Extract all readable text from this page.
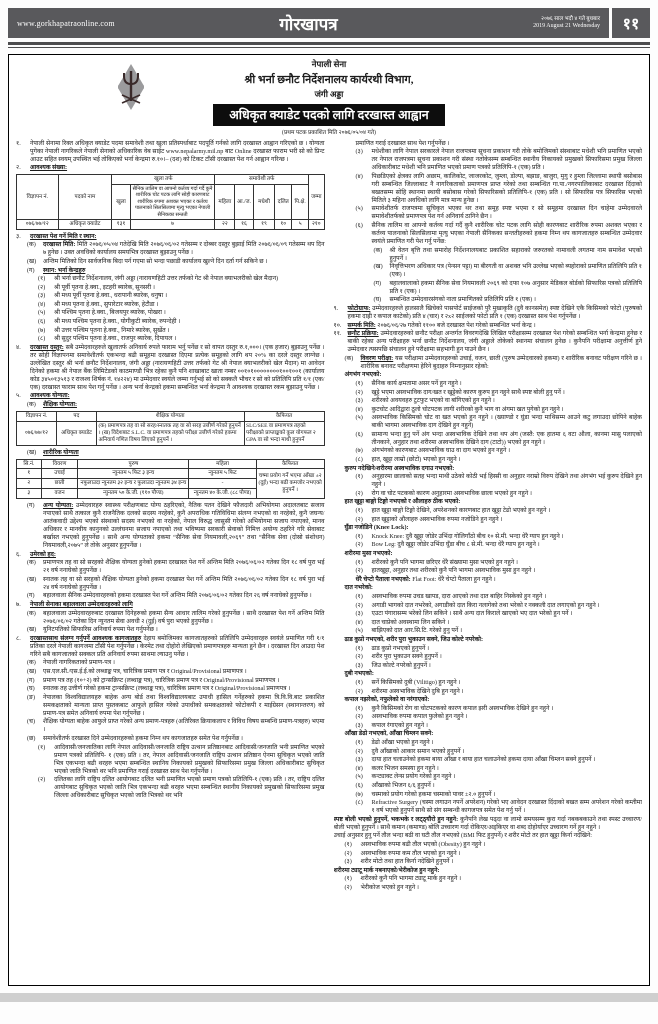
www.gorkhapatraonline.com	गोरखापत्र	२०७६ साल भदौ ४ गते बुधबार
2019 August 21 Wednesday	११
नेपाली सेना
श्री भर्ना छनौट निर्देशनालय कार्यरथी विभाग,
जंगी अड्डा
अधिकृत क्याडेट पदको लागि दरखास्त आह्वान
(प्रथम पटक प्रकाशित मिति २०७६/०५/०४ गते)
१.	नेपाली सेनामा रिक्त अधिकृत क्याडेट पदमा समावेशी तथा खुला प्रतिस्पर्धाबाट पदपूर्ति गर्नको लागि दरखास्त आह्वान गरिएको छ । योग्यता पुगेका नेपाली नागरिकले नेपाली सेनाको अधिकारिक वेब साईट www.nepalarmy.mil.np बाट Online दरखास्त फाराम भरी सो को प्रिन्ट आउट सहित स्वयम् उपस्थित भई तोकिएको भर्ना केन्द्रमा रु.१०।– (दश) को टिकट टाँसी दरखास्त पेश गर्न आह्वान गरिन्छ ।
२.	आवश्यक संख्या:
विज्ञापन नं.	पदको नाम	खुला तर्फ		समावेशी तर्फ					जम्मा
		खुला	सैनिक तालिम वा आफ्नो कर्तव्य गर्दा गर्दै कुनै शारीरिक चोट पटक लागि सोही कारणबाट शारीरिक रुपमा अशक्त भएका र कर्तव्य पालनाको सिलसिलामा मृत्यु भएका नेपाली सैनिकका सन्तती	महिला	आ./ज.	मधेशी	दलित	पि.क्षे.	
०७६/७७/१२	अधिकृत क्याडेट	१३१	७	२२	१६	१९	१०	५	२१०
३.	दरखास्त पेश गर्ने मिति र स्थान:
(क)	दरखास्त मिति: मिति २०७६/०५/०४ गतेदेखि मिति २०७६/०६/०२ गतेसम्म र दोब्बर दस्तुर बुझाई मिति २०७६/०६/०९ गतेसम्म थप दिन ७ हुनेछ । उक्त अवधिको कार्यालय समयभित्र दरखास्त बुझाउनु पर्नेछ ।
(ख)	अन्तिम मितिको दिन सार्वजनिक बिदा पर्न गएमा सो भन्दा पछाडी कार्यालय खुल्ने दिन दर्ता गर्न सकिने छ ।
(ग)	स्थान: भर्ना केन्द्रहरु
(१)	श्री भर्ना छनौट निर्देशनालय, जंगी अड्डा (नारायणहिटी उत्तर तर्फको गेट श्री नेपाल क्याभलरीको खेल मैदान)
(२)	श्री पूर्वी पृतना हे.क्वा., इटहरी ब्यारेक, सुनसरी ।
(३)	श्री मध्य पूर्वी पृतना हे.क्वा., धरापानी ब्यारेक, धनुषा ।
(४)	श्री मध्य पृतना हे.क्वा., सुपारेटार ब्यारेक, हेटौडा ।
(५)	श्री पश्चिम पृतना हे.क्वा., बिजयपुर ब्यारेक, पोखरा ।
(६)	श्री मध्य पश्चिम पृतना हे.क्वा., योगीकुटी ब्यारेक, रुपन्देही ।
(७)	श्री उत्तर पश्चिम पृतना हे.क्वा., निमारे ब्यारेक, सुर्खेत ।
(८)	श्री सुदुर पश्चिम पृतना हे.क्वा., राजपुर ब्यारेक, दिपायल ।
४.	दरखास्त दस्तुर: सबै उम्मेदवारहरुले खुलातर्फ अनिवार्य रुपले फाराम भर्नु पर्नेछ र सो वापत दस्तुर रु.१,०००। (एक हजार) बुझाउनु पर्नेछ । तर सोही विज्ञापनमा समावेशीतर्फ एकभन्दा बढी समूहमा दरखास्त दिएमा प्रत्येक समूहको लागि थप २०% का दरले दस्तुर लाग्नेछ । उल्लेखित दस्तुर श्री भर्ना छनौट निर्देशनालय, जंगी अड्डा (नारायणहिटी उत्तर तर्फको गेट श्री नेपाल क्याभलरीको खेल मैदान) मा आवेदन दिनेको हकमा श्री नेपाल बैंक लिमिटेडको काठमाण्डौ भित्र रहेका कुनै पनि शाखाबाट खाता नम्बर ००१०१००००००००१००१००१ (कार्यालय कोड ३४५०१३५१३ र राजश्व शिर्षक नं. १४२२४) मा उम्मेदवार स्वयंले जम्मा गर्नुभई सो को सक्कलै भौचर र सो को प्रतिलिपि प्रति १/१ (एक/एक) दरखास्त फाराम साथ पेश गर्नु पर्नेछ । अन्य भर्ना केन्द्रको हकमा सम्बन्धित भर्ना केन्द्रमा नै आवश्यक दरखास्त रकम बुझाउनु पर्नेछ ।
५.	आवश्यक योग्यता:
(क)	शैक्षिक योग्यता:
विज्ञापन नं.	पद	शैक्षिक योग्यता	कैफियत
०७६/७७/१२	अधिकृत क्याडेट	(क) प्रमाणपत्र तह वा सो सरह/स्नातक तह वा सो सरह उत्तीर्ण गरेको हुनुपर्ने । (ख) विदेशबाट S.L.C. वा प्रमाणपत्र तहको परीक्षा उत्तीर्ण गरेको हकमा अनिवार्य गणित विषय लिएको हुनुपर्ने ।	SLC/SEE वा प्रमाणपत्र तहको परीक्षाको प्राप्ताङ्कको कुल योगफल २ GPA वा सो भन्दा माथी हुनुपर्ने
(ख)	शारीरिक योग्यता
सि.नं.	विवरण	पुरुष	महिला	कैफियत
१	उचाई	न्युनतम ५ फिट ३ इन्च	न्युनतम ५ फिट	चष्मा प्रयोग गर्ने भएमा आँखा ±२ (दुई) भन्दा बढी कमजोर नभएको हुनुपर्ने ।
२	छाती	नफुलाउदा न्युनतम ३२ इन्च र फुलाउदा न्युनतम ३४ इन्च	-	
३	वजन	न्युनतम ५० के.जी. (११० पौण्ड)	न्युनतम ४० के.जी. (८८ पौण्ड)	
(ग)	अन्य योग्यता: उम्मेदवारहरु स्वास्थ्य परीक्षणबाट योग्य ठहरिएको, नैतिक पतन देखिने फौजदारी अभियोगमा अदालतबाट सजाय नपाएको साथै तत्काल कुनै राजनैतिक दलको सदस्य नरहेको, कुनै अपराधिक गतिविधिमा संलग्न नभएको वा नरहेको, कुनै जघन्य/आतंकवादी उद्देश्य भएको संस्थाको सदस्य नभएको वा नरहेको, नेपाल विरुद्ध जासुसी गरेको अभियोगमा सजाय नपाएको, मानव अधिकार र मानवीय कानुनको उल्लंघनमा सजाय नपाएको तथा भविष्यमा सरकारी सेवाको निमित्त अयोग्य ठहरिने गरि सेवाबाट बर्खास्त नभएको हुनुपर्नेछ । साथै अन्य योग्यताको हकमा “सैनिक सेवा नियमावली,२०६९” तथा “सैनिक सेवा (दोस्रो संशोधन) नियमावली,२०७५” ले तोके अनुसार हुनुपर्नेछ ।
६.	उमेरको हद:
(क)	प्रमाणपत्र तह वा सो सरहको शैक्षिक योग्यता हुनेको हकमा दरखास्त पेश गर्ने अन्तिम मिति २०७६/०६/०२ गतेका दिन १८ वर्ष पुरा भई २१ वर्ष ननाघेको हुनुपर्नेछ ।
(ख)	स्नातक तह वा सो सरहको शैक्षिक योग्यता हुनेको हकमा दरखास्त पेश गर्ने अन्तिम मिति २०७६/०६/०२ गतेका दिन १८ वर्ष पुरा भई २४ वर्ष ननाघेको हुनुपर्नेछ ।
(ग)	बहालवाला सैनिक उम्मेदवारहरुको हकमा दरखास्त पेश गर्ने अन्तिम मिति २०७६/०६/०२ गतेका दिन २६ वर्ष ननाघेको हुनुपर्नेछ ।
७.	नेपाली सेनाका बहालवाला उम्मेदवारहरुको लागि
(क)	बहालवाला उम्मेदवारहरुबाट दरखास्त दिनेहरुको हकमा सैन्य आधार तालिम गरेको हुनुपर्नेछ । साथै दरखास्त पेश गर्ने अन्तिम मिति २०७६/०६/०२ गतेका दिन न्युनतम सेवा अवधी २ (दुई) वर्ष पुरा भएको हुनुपर्नेछ ।
(ख)	युनिटपतिको सिफारिस अनिवार्य रुपमा पेश गर्नुपर्नेछ ।
८.	दरखास्तसाथ संलग्न गर्नुपर्ने आवश्यक कागजातहरु देहाय बमोजिमका कागजातहरुको प्रतिलिपि उम्मेदवारहरु स्वयंले प्रमाणित गरी १/१ प्रतिका दरले नेपाली कागजमा टाँसी पेश गर्नुपर्नेछ । केरमेट तथा दोहोरो लेखिएको प्रमाणपत्रहरु मान्यता हुने छैन । दरखास्त दिन आउदा पेश गरिने सबै कागजातको सक्कल प्रति अनिवार्य रुपमा साथमा ल्याउनु पर्नेछ ।
(क)	नेपाली नागरिकताको प्रमाण-पत्र ।
(ख)	एस.एल.सी./एस.ई.ई.को लब्धाङ्क पत्र, चारित्रिक प्रमाण पत्र र Original/Provisional प्रमाणपत्र ।
(ग)	प्रमाण पत्र तह (१०+२) को ट्रान्सक्रिप्ट (लब्धाङ्क पत्र), चारित्रिक प्रमाण पत्र र Original/Provisional प्रमाणपत्र ।
(घ)	स्नातक तह उत्तीर्ण गरेको हकमा ट्रान्सक्रिप्ट (लब्धाङ्क पत्र), चारित्रिक प्रमाण पत्र र Original/Provisional प्रमाणपत्र ।
(ङ)	नेपालका विश्वविद्यालयहरु बाहेक अन्य बोर्ड तथा विश्वविद्यालयबाट उपाधी हासिल गर्नेहरुको हकमा त्रि.वि.वि.बाट प्रकाशित समकक्षताको मान्यता प्राप्त पुस्तकबाट आफुले हासिल गरेको उपाधीको समकक्षताको फोटोकपी र माईग्रेसन (स्थानान्तरण) को प्रमाण-पत्र समेत अनिवार्य रुपमा पेश गर्नुपर्नेछ ।
(च)	शैक्षिक योग्यता बाहेक आफुले प्राप्त गरेको अन्य प्रमाण-पत्रहरु (अतिरिक्त क्रियाकलाप र विविध विषय सम्बन्धि प्रमाण-पत्रहरु) भएमा ।
(छ)	समावेशीतर्फ दरखास्त दिने उम्मेदवारहरुको हकमा निम्न थप कागजातहरु समेत पेश गर्नुपर्नेछ ।
(१)	आदिवासी/जनजातिका लागि नेपाल आदिवासी/जनजाति राष्ट्रिय उत्थान प्रतिष्ठानबाट आदिवासी/जनजाति भनी प्रमाणित भएको प्रमाण पत्रको प्रतिलिपि- १ (एक) प्रति । तर, नेपाल आदिवासी/जनजाति राष्ट्रिय उत्थान प्रतिष्ठान ऐनमा सुचिकृत भएको जाति भित्र एकभन्दा बढी थरहरु भएमा सम्बन्धित स्थानिय निकायको प्रमुखको सिफारिसमा प्रमुख जिल्ला अधिकारीबाट सुचिकृत भएको जाति भित्रको थर भनि प्रमाणित गराई दरखास्त साथ पेश गर्नुपर्नेछ ।
(२)	दलितका लागि राष्ट्रिय दलित आयोगबाट दलित भनी प्रमाणित भएको प्रमाण पत्रको प्रतिलिपि-१ (एक) प्रति । तर, राष्ट्रिय दलित आयोगबाट सुचिकृत भएको जाति भित्र एकभन्दा बढी थरहरु भएमा सम्बन्धित स्थानीय निकायको प्रमुखको सिफारिसमा प्रमुख जिल्ला अधिकारीबाट सुचिकृत भएको जाति भित्रको थर भनि
प्रमाणित गराई दरखास्त साथ पेश गर्नुपर्नेछ ।
(३)	मधेशीका लागि नेपाल सरकारले नेपाल राजपत्रमा सूचना प्रकाशन गरी तोके बमोजिमको संस्थाबाट मधेशी भनि प्रमाणित भएको तर नेपाल राजपत्रमा सूचना प्रकाशन गरी संस्था नतोकेसम्म सम्बन्धित स्थानीय निकायको प्रमुखको सिफारिसमा प्रमुख जिल्ला अधिकारीबाट मधेशी भनि प्रमाणित भएको प्रमाण पत्रको प्रतिलिपि-१ (एक) प्रति ।
(४)	पिछडिएको क्षेत्रका लागि अछाम, कालिकोट, जाजरकोट, जुम्ला, डोल्पा, बझाङ, बाजुरा, मुगु र हुम्ला जिल्लामा स्थायी बसोबास गरी सम्बन्धित जिल्लाबाट नै नागरिकताको प्रमाणपत्र प्राप्त गरेको तथा सम्बन्धित गा.पा./नगरपालिकाबाट दरखास्त दिंदाको बखतसम्म सोहि स्थानमा स्थायी बसोबास गरेको सिफारिसको प्रतिलिपि-१ (एक) प्रति । सो सिफारिस पत्र सिफारिस भएको मितिले ३ महिना अवधिको लागि मात्र मान्य हुनेछ ।
(५)	समावेशीतर्फ राजपत्रमा सूचिकृत भएका थर तथा समूह स्पष्ट भएमा र सो समूहमा दरखास्त दिन चाहेमा उम्मेदवारले समावेशीतर्फको प्रमाणपत्र पेश गर्न अनिवार्य ठानिने छैन ।
(६)	सैनिक तालिम वा आफ्नो कर्तव्य गर्दा गर्दै कुनै शारीरिक चोट पटक लागि सोही कारणबाट शारीरिक रुपमा अशक्त भएका र कर्तव्य पालनाको सिलसिलामा मृत्यु भएका नेपाली सैनिकका सन्ततीहरुको हकमा निम्न थप कागजातहरु सम्बन्धित उम्मेदवार स्वयंले प्रमाणित गरी पेश गर्नु पर्नेछ:
(क)	श्री वेतन बृत्ति तथा समारोह निर्देशनालयबाट प्रकाशित सहाराको जरुरतको नामावली लगतमा नाम समावेश भएको हुनुपर्ने ।
(ख)	निवृत्तिभरण अधिकार पत्र (पेन्सन पट्टा) मा बीरगती वा अशक्त भनि उल्लेख भएको ब्यहोराको प्रमाणित प्रतिलिपि प्रति १ (एक) ।
(ग)	बहालवालाको हकमा सैनिक सेवा नियमावली २०६९ को दफा १०७ अनुसार मेडिकल बोर्डको सिफारिस पत्रको प्रतिलिपि प्रति १ (एक) ।
(घ)	सम्बन्धित उम्मेदवारसंगको नाता प्रमाणितको प्रतिलिपि प्रति १ (एक) ।
९.	फोटोग्राफ: उम्मेदवारहरुले हालसालै खिचेको पासपोर्ट साईजको पुरै मुखाकृति (दुवै कानसमेत) स्पष्ट देखिने एकै किसिमको फोटो (पुरुषको हकमा दाह्री र कपाल काटेको) प्रति ४ (चार) र २x२ साईजको फोटो प्रति १ (एक) दरखास्त साथ पेश गर्नुपर्नेछ ।
१०. सम्पर्क मिति: २०७६/०६/२७ गतेको ११०० बजे दरखास्त पेश गरेको सम्बन्धित भर्ना केन्द्र ।
११. छनौट प्रक्रिया: उम्मेदवारहरुको छनौट परीक्षा अन्तर्गत विवरणदेखि लिखित परीक्षासम्म दरखास्त पेश गरेको सम्बन्धित भर्ना केन्द्रमा हुनेछ र बाकी रहेका अन्य परीक्षाहरु भर्ना छनौट निर्देशनालय, जंगी अड्डाले तोकेको स्थानमा संचालन हुनेछ । कुनैपनि परीक्षामा अनुत्तीर्ण हुने उम्मेदवार त्यसपछि संचालन हुने परीक्षामा सहभागी हुन पाउने छैन ।
(क)	विवरण परीक्षा: यस परीक्षामा उम्मेदवारहरुको उचाई, वजन, छाती (पुरुष उम्मेदवारको हकमा) र शारीरिक बनावट परीक्षण गरिने छ । शारीरिक बनावट परीक्षणमा हेरिने बुदाहरु निम्नानुसार रहेको:
अंगभंग नभएको:
(१)	सैनिक कार्य क्षमतामा असर पर्ने हुन नहुने ।
(२)	खुट्टे भएमा अस्वभाविक दाग/खत र खुट्टेको कारण कुरुप हुन नहुने साथै स्पष्ट बोली हुनु पर्ने ।
(३)	शरीरको अवयवहरु टुटफुट भएको वा बांगिएको हुन नहुने ।
(४)	कुटचोट आदिद्वारा ठूलो चोटपटक लागी शरीरको कुनै भाग वा अंगमा खत पुगेको हुन नहुने ।
(५)	अस्वभाविक किसिमको चोट वा खत भएको हुन नहुने । (ख्याण्डो र घुंडा भन्दा माथिसम्म आउने कटु लगाउदा छोपिने बाहेक बाकी भागमा अस्वभाविक दाग देखिने हुन नहुने)
(६)	सामान्य भन्दा हुनु पर्ने अंग भन्दा अस्वभाविक देखिने तथा थप अंग (जस्तै: एक हातमा ६ वटा औला, कानमा मासु पलाएको तीनकाने, अनुहार तथा शरीरमा अस्वभाविक देखिने दाग (टाटो)) भएको हुन नहुने ।
(७)	अंगभंगको कारणबाट अस्वभाविक घाउ वा दाग भएको हुन नहुने ।
(८)	हात, खुट्टा लाम्रो (छोटो) भएको हुन नहुने ।
कुरुप नदेखिने/शरीरमा अस्वभाविक दगाउ नभएको:
(१)	अनुहारमा छालाको सतह भन्दा माथी उठेको कोठी भई हिस्सी वा अनुहार नराम्रो विरुप देखिने तथा अंगभंग भई कुरुप देखिने हुन नहुने ।
(२)	रोग वा चोट पटकको कारण अनुहारमा अस्वभाविक छाला भएको हुन नहुने ।
हात खुट्टा बाङ्गो टिङ्गो नभएको र औलाहरु ठीक भएको:
(१)	हात खुट्टा बाङ्गो टिङ्गो देखिने, अपरेशनको कारणबाट हात खुट्टा टेढो भएको हुन नहुने ।
(२)	हात खुट्टाको औलाहरु अस्वभाविक रुपमा नजोडिने हुन नहुने ।
घुँडा नजोडिने (Knee Lock):
(१)	Knock Knee: दुवै खुट्टा जोडेर उभिंदा गोलिगाँठो बीच १० से.मी. भन्दा धेरै ग्याप हुन नहुने ।
(२)	Bow Leg: दुवै खुट्टा जोडेर उभिंदा घुँडा बीच ८ से.मी. भन्दा धेरै ग्याप हुन नहुने ।
शरीरमा मुसा नभएको:
(१)	शरीरको कुनै पनि भागमा छरिएर धेरै संख्यामा मुसा भएको हुन नहुने ।
(२)	हातखुट्टा, अनुहार तथा शरीरको कुनै पनि भागमा अस्वभाविक मुसा हुन नहुने ।
धेरै चेप्टो पैताला नभएको: Flat Foot: धेरै चेप्टो पैताला हुन नहुने ।
दात नभरेको:
(१)	अस्वभाविक रुपमा उचड खापड, दारा आएको तथा दात बाहिर निस्केको हुन नहुने ।
(२)	अगाडी भागको दात नभरेको, अगाडीको दात किरा नलागेको तथा भरेको र नक्कली दात लगाएको हुन नहुने ।
(३)	एउटा पंगारासम्म भरेको लिन सकिने । साथै अन्य दात किराले खाएको भए दात भरेको हुन पर्ने ।
(४)	दात चाप्रेको अवस्थामा लिन सकिने ।
(५)	बाझिएको दात आर.सि.टि. गरेको हुनु पर्ने ।
ढाड कुप्रो नभएको, शरीर पुरा भुकाउन सक्ने, जिउ कोल्टे नपरेको:
(१)	ढाड कुप्रो नभएको हुनुपर्ने ।
(२)	शरीर पुरा भुकाउन सक्ने हुनुपर्ने ।
(३)	जिउ कोल्टे नपरेको हुनुपर्ने ।
दुबी नभएको:
(१)	सर्ने किसिमको दुबी (Vilitigo) हुन नहुने ।
(२)	शरीरमा अस्वभाविक देखिने दुबि हुन नहुने ।
कपाल नझरेको, नफुलेको वा नरंगाएको:
(१)	कुनै किसिमको रोग वा चोटपटकको कारण कपाल झरी अस्वभाविक देखिने हुन नहुने ।
(२)	अस्वभाविक रुपमा कपाल फुलेको हुन नहुने ।
(३)	कपाल रंगाएको हुन नहुने ।
आँखा डेढो नभएको, आँखा चिम्लन सक्ने:
(१)	डेढो आँखा भएको हुन नहुने ।
(२)	दुवै आँखाको आकार समान भएको हुनुपर्ने ।
(३)	दाया हात चलाउनेको हकमा बाया आँखा र बाया हात चलाउनेको हकमा दाया आँखा चिम्लन सक्ने हुनुपर्ने ।
(४)	कलर भिजन समस्या हुन नहुने ।
(५)	कन्ट्याक्ट लेन्स प्रयोग गरेको हुन नहुने ।
(६)	आँखाको भिजन ६/६ हुनुपर्ने ।
(७)	चस्माको प्रयोग गरेको हकमा चस्माको पावर ±२.० हुनुपर्ने ।
(८)	Refractive Surgery (चस्मा लगाउन नपर्ने अपरेशन) गरेको भए आवेदन दरखास्त दिंदाको बखत सम्म अपरेशन गरेको कम्तीमा १ वर्ष भएको हुनुपर्ने साथै सो संग सम्बन्धी कागजपत्र समेत पेश गर्नु पर्ने ।
स्पष्ट बोली भएको हुनुपर्ने, भकभके र लट्ठ्यौरो हुन नहुने: कुनैपनि लेख पढ्दा वा लामो समयसम्म कुरा गर्दा नबकबकाउने तथा स्पस्ट उच्चारण/बोली भएको हुनुपर्ने । साथै कमान (कमाण्ड) बोलि उच्चारण गर्दा रोकिएर/अड्किएर वा शब्द दोहोर्याएर उच्चारण गर्ने हुन नहुने ।
उचाई अनुसार हुनु पर्ने तौल भन्दा बढी वा घटी तौल नभएको (BMI फिट हुनुपर्ने) र शरीर मोटो तर हात खुट्टा किर्ना नदेखिने:
(१)	अस्वभाविक रुपमा बढी तौल भएको (Obesity) हुन नहुने ।
(२)	अस्वभाविक रुपमा कम तौल भएको हुन नहुने ।
(३)	शरीर मोटो तथा हात किर्ना नदेखिने हुनुपर्ने ।
शरीरमा ट्याटू मार्क नबनाएको/भेरीकोज हुन नहुने:
(१)	शरीरको कुनै पनि भागमा ट्याटू मार्क हुन नहुने ।
(२)	भेरीकोज भएको हुन नहुने ।
